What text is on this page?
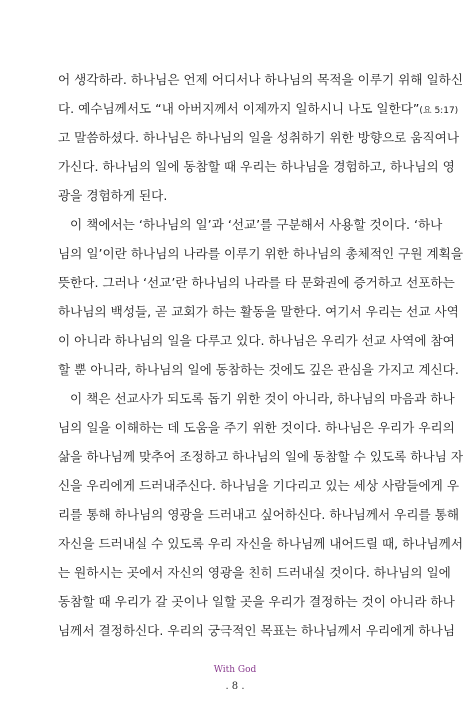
어 생각하라. 하나님은 언제 어디서나 하나님의 목적을 이루기 위해 일하신
다. 예수님께서도 “내 아버지께서 이제까지 일하시니 나도 일한다”(요 5:17)
고 말씀하셨다. 하나님은 하나님의 일을 성취하기 위한 방향으로 움직여나
가신다. 하나님의 일에 동참할 때 우리는 하나님을 경험하고, 하나님의 영
광을 경험하게 된다.
이 책에서는 ‘하나님의 일’과 ‘선교’를 구분해서 사용할 것이다. ‘하나
님의 일’이란 하나님의 나라를 이루기 위한 하나님의 총체적인 구원 계획을
뜻한다. 그러나 ‘선교’란 하나님의 나라를 타 문화권에 증거하고 선포하는
하나님의 백성들, 곧 교회가 하는 활동을 말한다. 여기서 우리는 선교 사역
이 아니라 하나님의 일을 다루고 있다. 하나님은 우리가 선교 사역에 참여
할 뿐 아니라, 하나님의 일에 동참하는 것에도 깊은 관심을 가지고 계신다.
이 책은 선교사가 되도록 돕기 위한 것이 아니라, 하나님의 마음과 하나
님의 일을 이해하는 데 도움을 주기 위한 것이다. 하나님은 우리가 우리의
삶을 하나님께 맞추어 조정하고 하나님의 일에 동참할 수 있도록 하나님 자
신을 우리에게 드러내주신다. 하나님을 기다리고 있는 세상 사람들에게 우
리를 통해 하나님의 영광을 드러내고 싶어하신다. 하나님께서 우리를 통해
자신을 드러내실 수 있도록 우리 자신을 하나님께 내어드릴 때, 하나님께서
는 원하시는 곳에서 자신의 영광을 친히 드러내실 것이다. 하나님의 일에
동참할 때 우리가 갈 곳이나 일할 곳을 우리가 결정하는 것이 아니라 하나
님께서 결정하신다. 우리의 궁극적인 목표는 하나님께서 우리에게 하나님
With God
. 8 .
